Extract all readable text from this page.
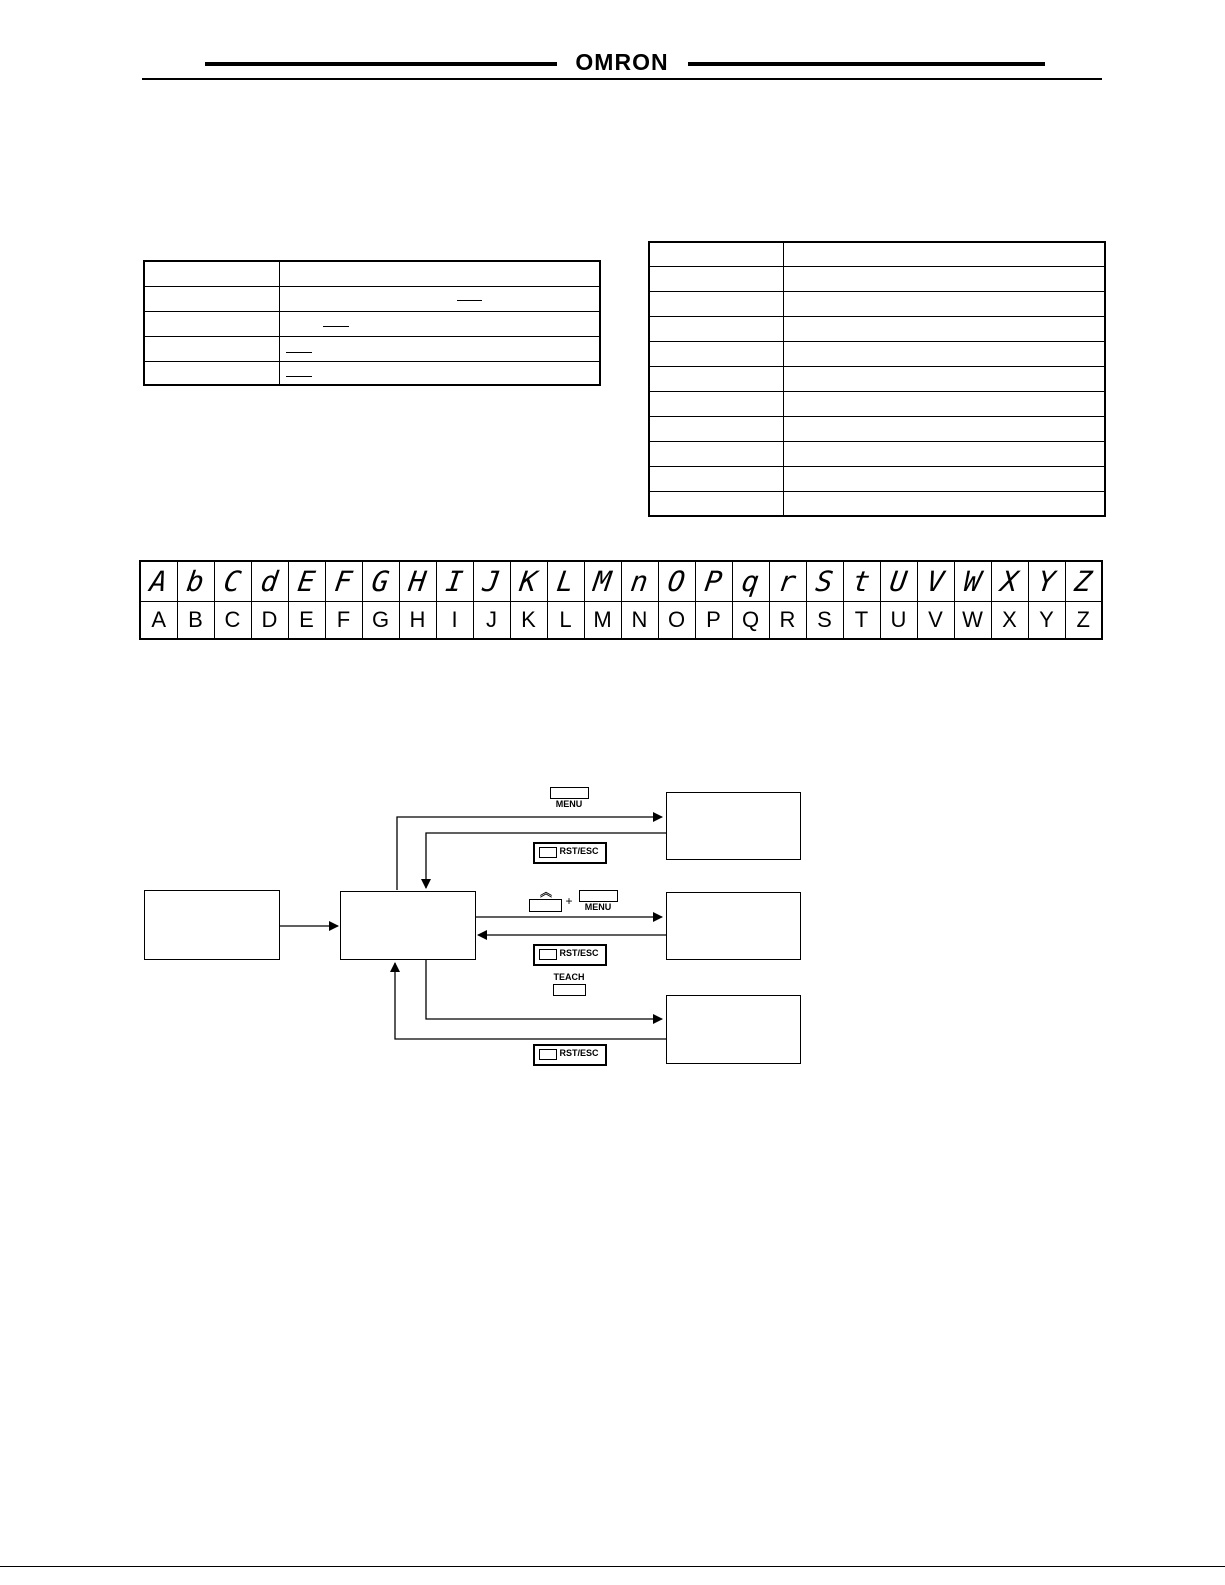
OMRON

A	b	C	d	E	F	G	H	I	J	K	L	M	n	O	P	q	r	S	t	U	V	W	X	Y	Z
A	B	C	D	E	F	G	H	I	J	K	L	M	N	O	P	Q	R	S	T	U	V	W	X	Y	Z
MENU
RST/ESC
︽
+	MENU
RST/ESC
TEACH
RST/ESC
